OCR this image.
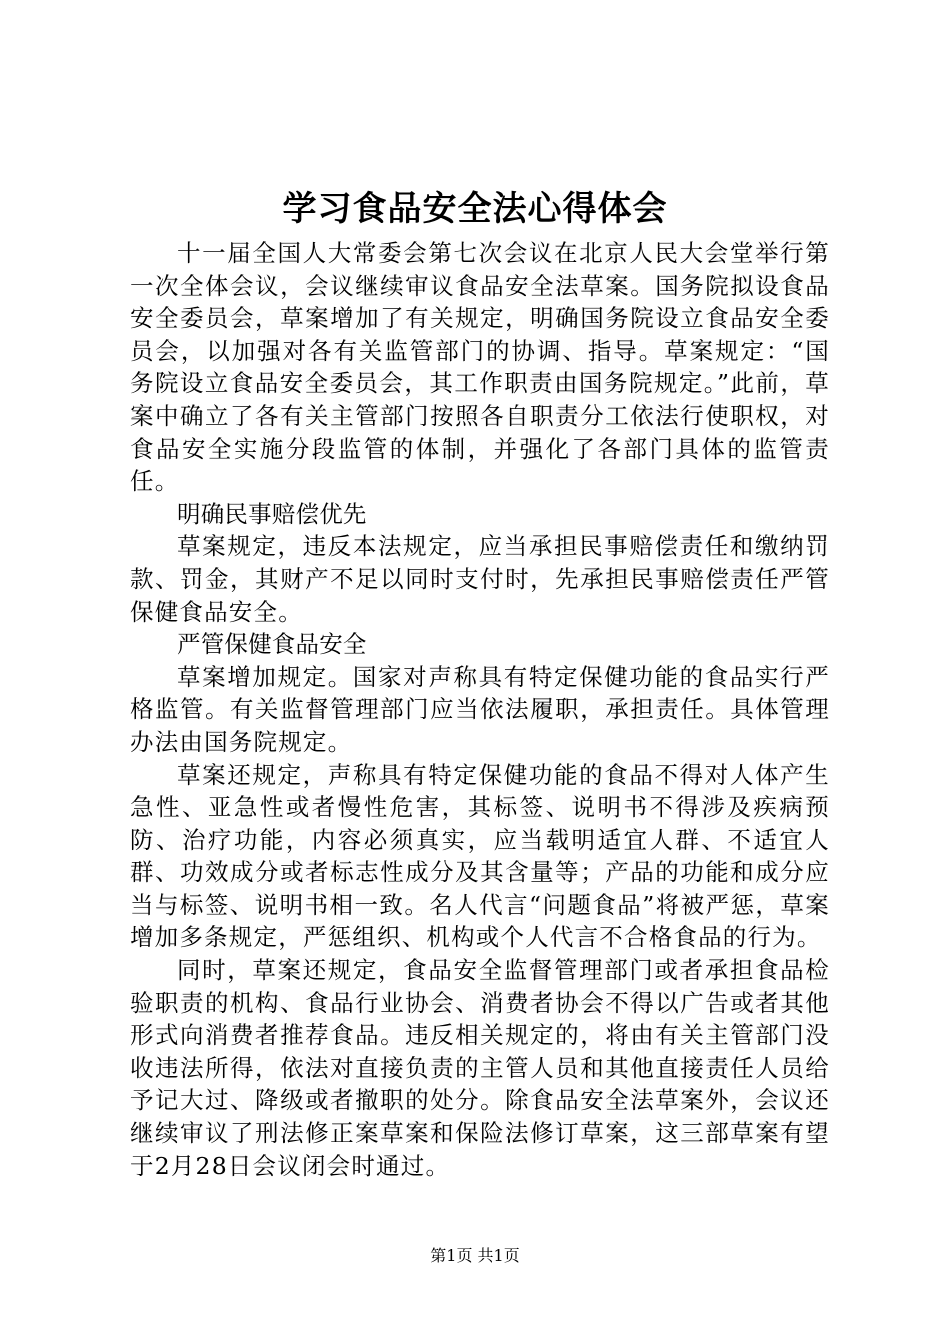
学习食品安全法心得体会

十一届全国人大常委会第七次会议在北京人民大会堂举行第一次全体会议，会议继续审议食品安全法草案。国务院拟设食品安全委员会，草案增加了有关规定，明确国务院设立食品安全委员会，以加强对各有关监管部门的协调、指导。草案规定：“国务院设立食品安全委员会，其工作职责由国务院规定。”此前，草案中确立了各有关主管部门按照各自职责分工依法行使职权，对食品安全实施分段监管的体制，并强化了各部门具体的监管责任。

明确民事赔偿优先

草案规定，违反本法规定，应当承担民事赔偿责任和缴纳罚款、罚金，其财产不足以同时支付时，先承担民事赔偿责任严管保健食品安全。

严管保健食品安全

草案增加规定。国家对声称具有特定保健功能的食品实行严格监管。有关监督管理部门应当依法履职，承担责任。具体管理办法由国务院规定。

草案还规定，声称具有特定保健功能的食品不得对人体产生急性、亚急性或者慢性危害，其标签、说明书不得涉及疾病预防、治疗功能，内容必须真实，应当载明适宜人群、不适宜人群、功效成分或者标志性成分及其含量等；产品的功能和成分应当与标签、说明书相一致。名人代言“问题食品”将被严惩，草案增加多条规定，严惩组织、机构或个人代言不合格食品的行为。

同时，草案还规定，食品安全监督管理部门或者承担食品检验职责的机构、食品行业协会、消费者协会不得以广告或者其他形式向消费者推荐食品。违反相关规定的，将由有关主管部门没收违法所得，依法对直接负责的主管人员和其他直接责任人员给予记大过、降级或者撤职的处分。除食品安全法草案外，会议还继续审议了刑法修正案草案和保险法修订草案，这三部草案有望于2月28日会议闭会时通过。

第1页 共1页
